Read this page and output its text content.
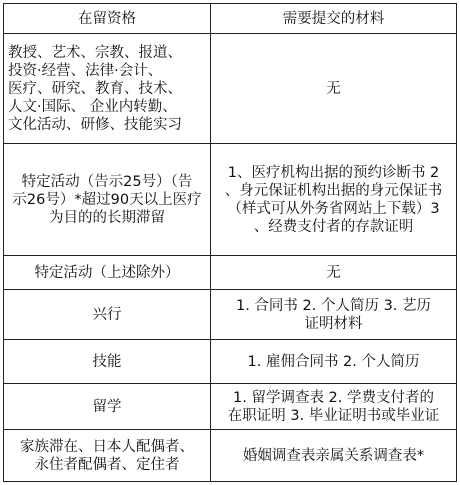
在留资格	需要提交的材料
教授、艺术、宗教、报道、
投资·经营、法律·会计、
医疗、研究、教育、技术、
人文·国际、 企业内转勤、
文化活动、研修、技能实习	无
特定活动（告示25号）（告
示26号）*超过90天以上医疗
为目的的长期滞留	1、医疗机构出据的预约诊断书 2
、身元保证机构出据的身元保证书
（样式可从外务省网站上下载）3
、经费支付者的存款证明
特定活动（上述除外）	无
兴行	1. 合同书 2. 个人简历 3. 艺历
证明材料
技能	1. 雇佣合同书 2. 个人简历
留学	1. 留学调查表 2. 学费支付者的
在职证明 3. 毕业证明书或毕业证
家族滞在、日本人配偶者、
永住者配偶者、定住者	婚姻调查表亲属关系调查表*
